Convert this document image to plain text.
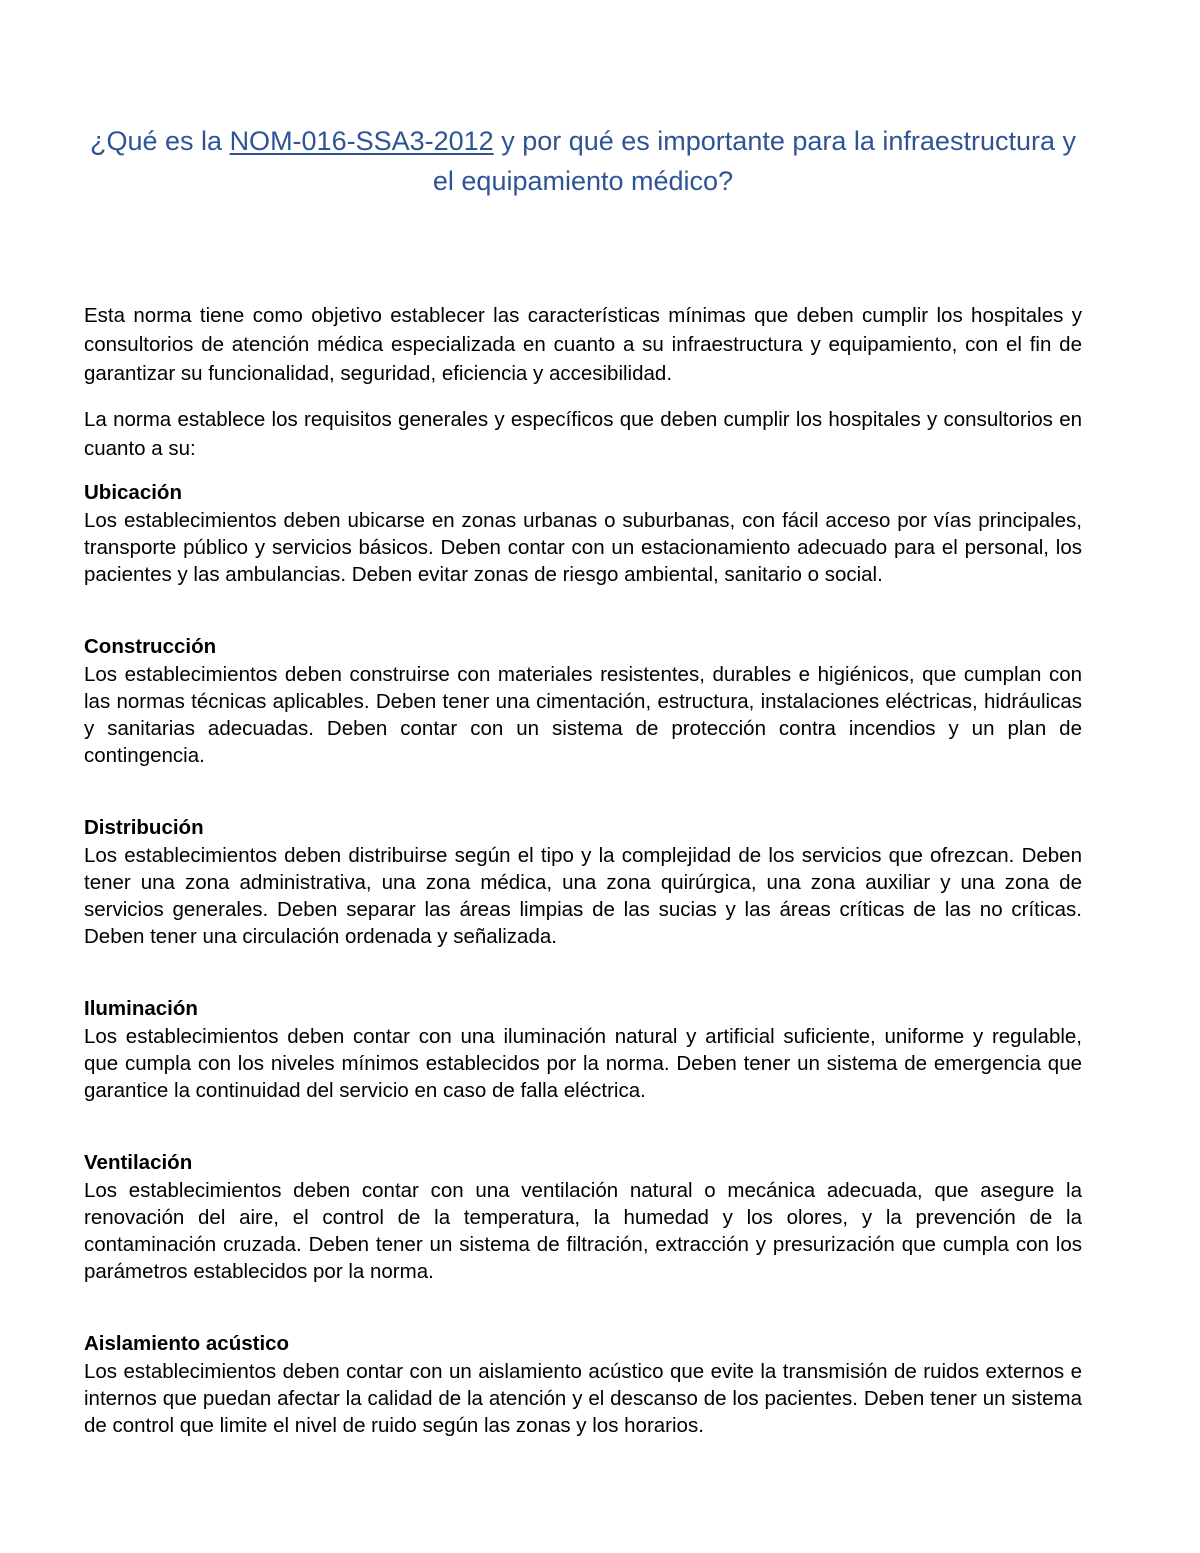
¿Qué es la NOM-016-SSA3-2012 y por qué es importante para la infraestructura y el equipamiento médico?

Esta norma tiene como objetivo establecer las características mínimas que deben cumplir los hospitales y consultorios de atención médica especializada en cuanto a su infraestructura y equipamiento, con el fin de garantizar su funcionalidad, seguridad, eficiencia y accesibilidad.

La norma establece los requisitos generales y específicos que deben cumplir los hospitales y consultorios en cuanto a su:

Ubicación

Los establecimientos deben ubicarse en zonas urbanas o suburbanas, con fácil acceso por vías principales, transporte público y servicios básicos. Deben contar con un estacionamiento adecuado para el personal, los pacientes y las ambulancias. Deben evitar zonas de riesgo ambiental, sanitario o social.

Construcción

Los establecimientos deben construirse con materiales resistentes, durables e higiénicos, que cumplan con las normas técnicas aplicables. Deben tener una cimentación, estructura, instalaciones eléctricas, hidráulicas y sanitarias adecuadas. Deben contar con un sistema de protección contra incendios y un plan de contingencia.

Distribución

Los establecimientos deben distribuirse según el tipo y la complejidad de los servicios que ofrezcan. Deben tener una zona administrativa, una zona médica, una zona quirúrgica, una zona auxiliar y una zona de servicios generales. Deben separar las áreas limpias de las sucias y las áreas críticas de las no críticas. Deben tener una circulación ordenada y señalizada.

Iluminación

Los establecimientos deben contar con una iluminación natural y artificial suficiente, uniforme y regulable, que cumpla con los niveles mínimos establecidos por la norma. Deben tener un sistema de emergencia que garantice la continuidad del servicio en caso de falla eléctrica.

Ventilación

Los establecimientos deben contar con una ventilación natural o mecánica adecuada, que asegure la renovación del aire, el control de la temperatura, la humedad y los olores, y la prevención de la contaminación cruzada. Deben tener un sistema de filtración, extracción y presurización que cumpla con los parámetros establecidos por la norma.

Aislamiento acústico

Los establecimientos deben contar con un aislamiento acústico que evite la transmisión de ruidos externos e internos que puedan afectar la calidad de la atención y el descanso de los pacientes. Deben tener un sistema de control que limite el nivel de ruido según las zonas y los horarios.
